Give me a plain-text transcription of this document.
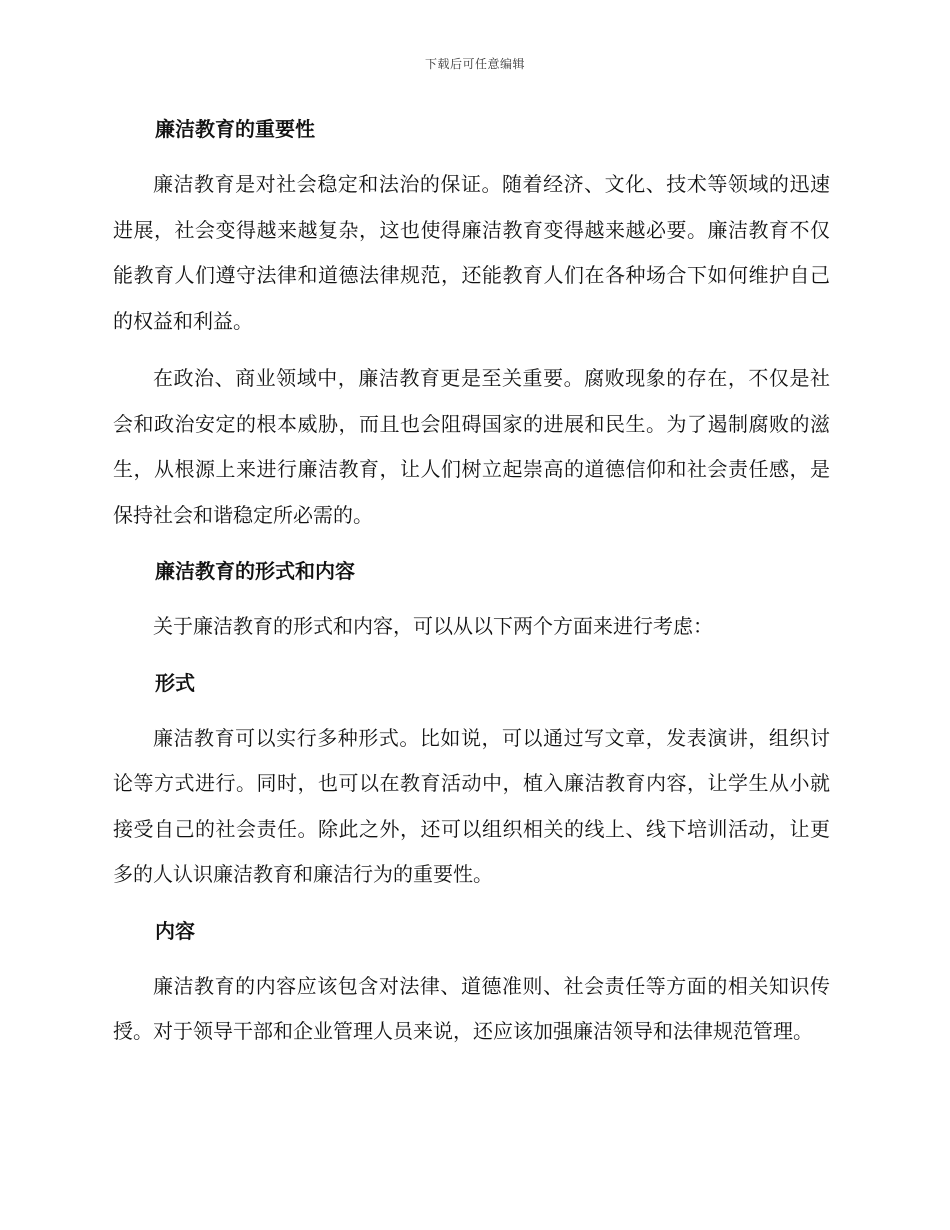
下载后可任意编辑
廉洁教育的重要性

廉洁教育是对社会稳定和法治的保证。随着经济、文化、技术等领域的迅速进展，社会变得越来越复杂，这也使得廉洁教育变得越来越必要。廉洁教育不仅能教育人们遵守法律和道德法律规范，还能教育人们在各种场合下如何维护自己的权益和利益。

在政治、商业领域中，廉洁教育更是至关重要。腐败现象的存在，不仅是社会和政治安定的根本威胁，而且也会阻碍国家的进展和民生。为了遏制腐败的滋生，从根源上来进行廉洁教育，让人们树立起崇高的道德信仰和社会责任感，是保持社会和谐稳定所必需的。

廉洁教育的形式和内容

关于廉洁教育的形式和内容，可以从以下两个方面来进行考虑：

形式

廉洁教育可以实行多种形式。比如说，可以通过写文章，发表演讲，组织讨论等方式进行。同时，也可以在教育活动中，植入廉洁教育内容，让学生从小就接受自己的社会责任。除此之外，还可以组织相关的线上、线下培训活动，让更多的人认识廉洁教育和廉洁行为的重要性。

内容

廉洁教育的内容应该包含对法律、道德准则、社会责任等方面的相关知识传授。对于领导干部和企业管理人员来说，还应该加强廉洁领导和法律规范管理。
